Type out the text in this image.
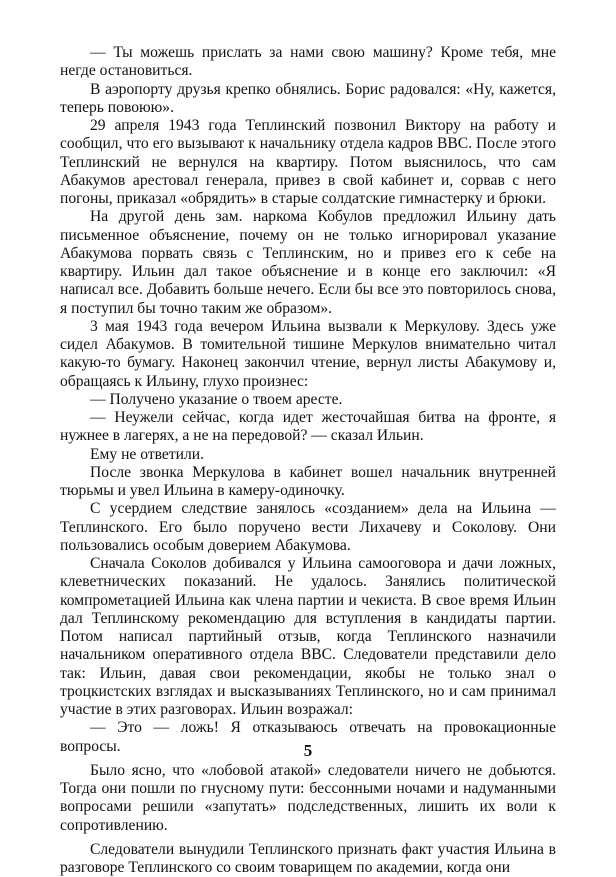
— Ты можешь прислать за нами свою машину? Кроме тебя, мне негде остановиться.

В аэропорту друзья крепко обнялись. Борис радовался: «Ну, кажется, теперь повоюю».

29 апреля 1943 года Теплинский позвонил Виктору на работу и сообщил, что его вызывают к начальнику отдела кадров ВВС. После этого Теплинский не вернулся на квартиру. Потом выяснилось, что сам Абакумов арестовал генерала, привез в свой кабинет и, сорвав с него погоны, приказал «обрядить» в старые солдатские гимнастерку и брюки.

На другой день зам. наркома Кобулов предложил Ильину дать письменное объяснение, почему он не только игнорировал указание Абакумова порвать связь с Теплинским, но и привез его к себе на квартиру. Ильин дал такое объяснение и в конце его заключил: «Я написал все. Добавить больше нечего. Если бы все это повторилось снова, я поступил бы точно таким же образом».

3 мая 1943 года вечером Ильина вызвали к Меркулову. Здесь уже сидел Абакумов. В томительной тишине Меркулов внимательно читал какую-то бумагу. Наконец закончил чтение, вернул листы Абакумову и, обращаясь к Ильину, глухо произнес:

— Получено указание о твоем аресте.

— Неужели сейчас, когда идет жесточайшая битва на фронте, я нужнее в лагерях, а не на передовой? — сказал Ильин.

Ему не ответили.

После звонка Меркулова в кабинет вошел начальник внутренней тюрьмы и увел Ильина в камеру-одиночку.

С усердием следствие занялось «созданием» дела на Ильина — Теплинского. Его было поручено вести Лихачеву и Соколову. Они пользовались особым доверием Абакумова.

Сначала Соколов добивался у Ильина самооговора и дачи ложных, клеветнических показаний. Не удалось. Занялись политической компрометацией Ильина как члена партии и чекиста. В свое время Ильин дал Теплинскому рекомендацию для вступления в кандидаты партии. Потом написал партийный отзыв, когда Теплинского назначили начальником оперативного отдела ВВС. Следователи представили дело так: Ильин, давая свои рекомендации, якобы не только знал о троцкистских взглядах и высказываниях Теплинского, но и сам принимал участие в этих разговорах. Ильин возражал:

— Это — ложь! Я отказываюсь отвечать на провокационные вопросы.

Было ясно, что «лобовой атакой» следователи ничего не добьются. Тогда они пошли по гнусному пути: бессонными ночами и надуманными вопросами решили «запутать» подследственных, лишить их воли к сопротивлению.

Следователи вынудили Теплинского признать факт участия Ильина в разговоре Теплинского со своим товарищем по академии, когда они

5
